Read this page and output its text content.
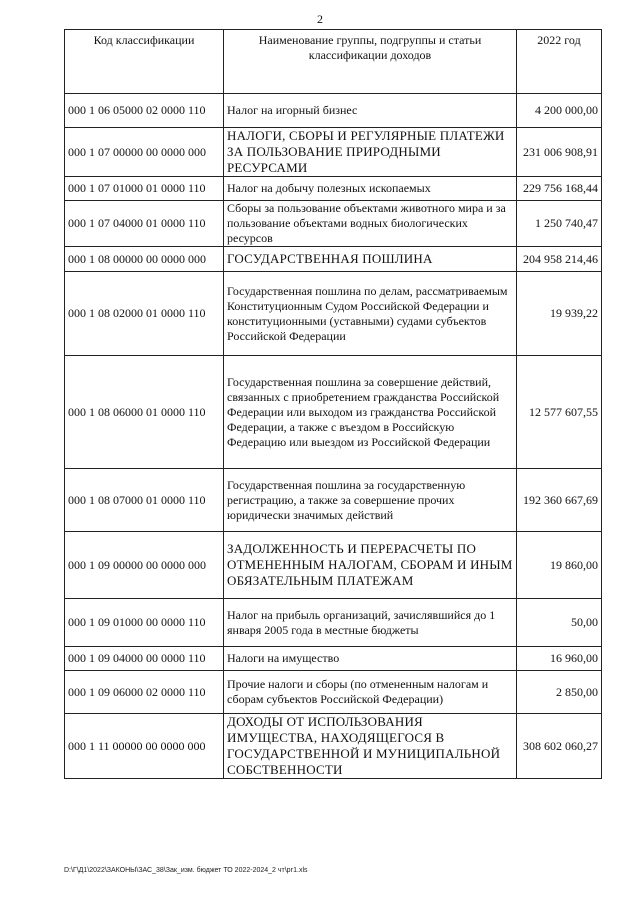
2
Код классификации	Наименование группы, подгруппы и статьи классификации доходов	2022 год
000 1 06 05000 02 0000 110	Налог на игорный бизнес	4 200 000,00
000 1 07 00000 00 0000 000	НАЛОГИ, СБОРЫ И РЕГУЛЯРНЫЕ ПЛАТЕЖИ ЗА ПОЛЬЗОВАНИЕ ПРИРОДНЫМИ РЕСУРСАМИ	231 006 908,91
000 1 07 01000 01 0000 110	Налог на добычу полезных ископаемых	229 756 168,44
000 1 07 04000 01 0000 110	Сборы за пользование объектами животного мира и за пользование объектами водных биологических ресурсов	1 250 740,47
000 1 08 00000 00 0000 000	ГОСУДАРСТВЕННАЯ ПОШЛИНА	204 958 214,46
000 1 08 02000 01 0000 110	Государственная пошлина по делам, рассматриваемым Конституционным Судом Российской Федерации и конституционными (уставными) судами субъектов Российской Федерации	19 939,22
000 1 08 06000 01 0000 110	Государственная пошлина за совершение действий, связанных с приобретением гражданства Российской Федерации или выходом из гражданства Российской Федерации, а также с въездом в Российскую Федерацию или выездом из Российской Федерации	12 577 607,55
000 1 08 07000 01 0000 110	Государственная пошлина за государственную регистрацию, а также за совершение прочих юридически значимых действий	192 360 667,69
000 1 09 00000 00 0000 000	ЗАДОЛЖЕННОСТЬ И ПЕРЕРАСЧЕТЫ ПО ОТМЕНЕННЫМ НАЛОГАМ, СБОРАМ И ИНЫМ ОБЯЗАТЕЛЬНЫМ ПЛАТЕЖАМ	19 860,00
000 1 09 01000 00 0000 110	Налог на прибыль организаций, зачислявшийся до 1 января 2005 года в местные бюджеты	50,00
000 1 09 04000 00 0000 110	Налоги на имущество	16 960,00
000 1 09 06000 02 0000 110	Прочие налоги и сборы (по отмененным налогам и сборам субъектов Российской Федерации)	2 850,00
000 1 11 00000 00 0000 000	ДОХОДЫ ОТ ИСПОЛЬЗОВАНИЯ ИМУЩЕСТВА, НАХОДЯЩЕГОСЯ В ГОСУДАРСТВЕННОЙ И МУНИЦИПАЛЬНОЙ СОБСТВЕННОСТИ	308 602 060,27
D:\Г\Д1\2022\ЗАКОНЫ\ЗАС_38\Зак_изм. бюджет ТО 2022-2024_2 чт\рг1.xls
